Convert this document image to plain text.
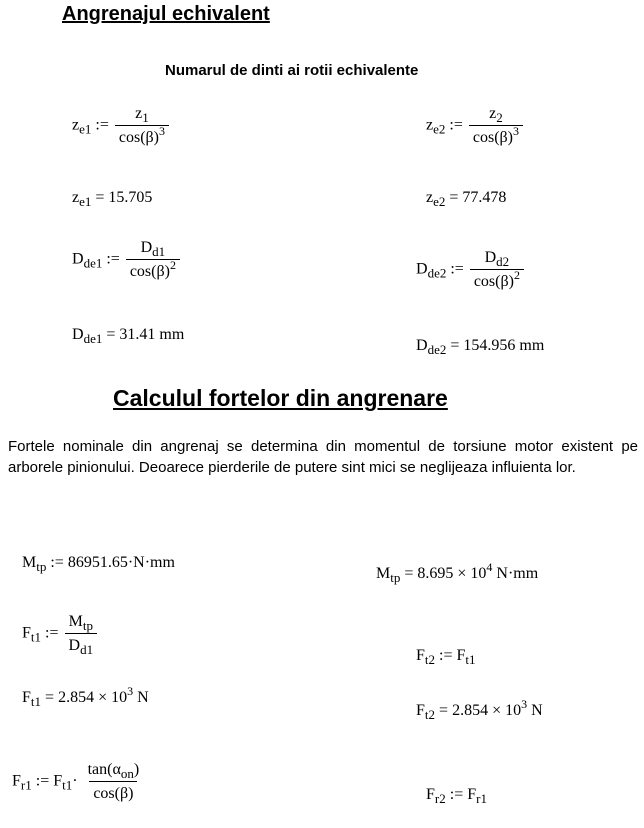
Angrenajul echivalent
Numarul de dinti ai rotii echivalente
$z_{e1}$ := $\frac{z_1}{\cos(\beta)^3}$	$z_{e2}$ := $\frac{z_2}{\cos(\beta)^3}$
$z_{e1} = 15.705$	$z_{e2} = 77.478$
$D_{de1}$ := $\frac{D_{d1}}{\cos(\beta)^2}$	$D_{de2}$ := $\frac{D_{d2}}{\cos(\beta)^2}$
$D_{de1} = 31.41$ mm
$D_{de2} = 154.956$ mm
Calculul fortelor din angrenare
Fortele nominale din angrenaj se determina din momentul de torsiune motor existent pe arborele pinionului. Deoarece pierderile de putere sint mici se neglijeaza influienta lor.
$M_{tp}$ := 86951.65·N·mm
$M_{tp} = 8.695 \times 10^4$ N·mm
$F_{t1}$ := $\frac{M_{tp}}{D_{d1}}$
$F_{t2}$ := $F_{t1}$
$F_{t1} = 2.854 \times 10^3$ N
$F_{t2} = 2.854 \times 10^3$ N
$F_{r1}$ := $F_{t1}\cdot \frac{\tan(\alpha_{on})}{\cos(\beta)}$	$F_{r2}$ := $F_{r1}$
